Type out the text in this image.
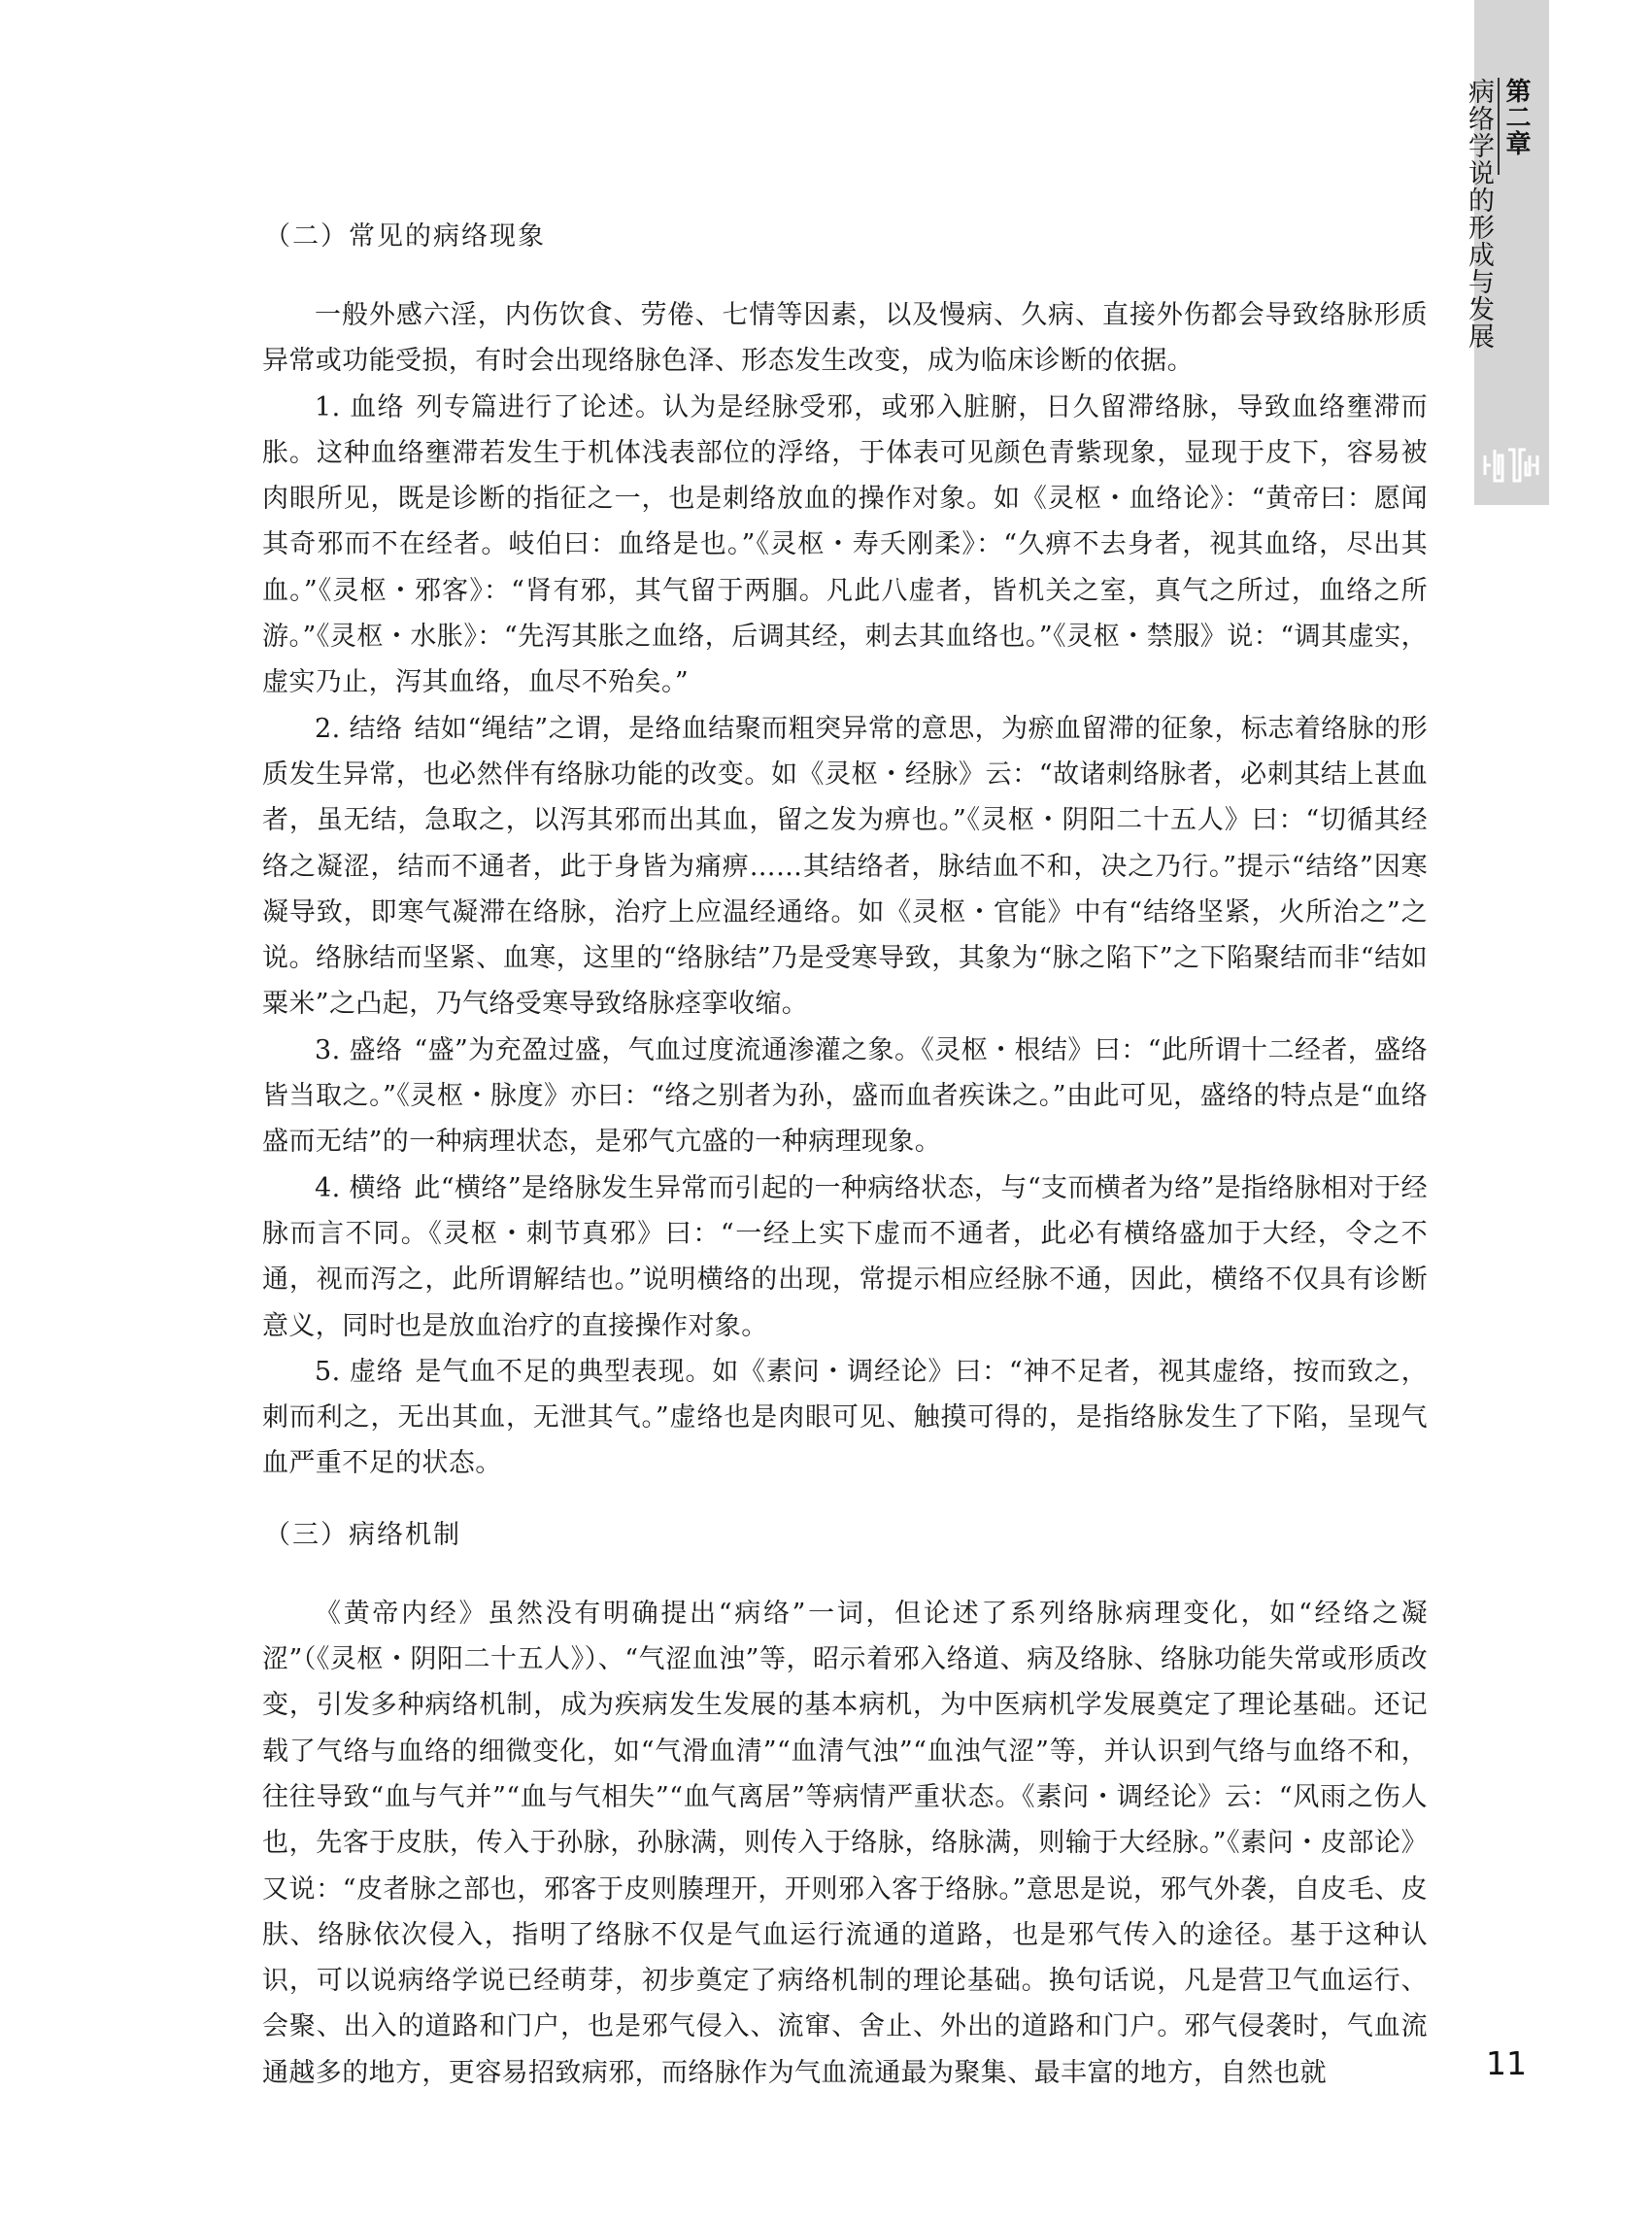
第二章
病络学说的形成与发展
（二）常见的病络现象

一般外感六淫，内伤饮食、劳倦、七情等因素，以及慢病、久病、直接外伤都会导致络脉形质异常或功能受损，有时会出现络脉色泽、形态发生改变，成为临床诊断的依据。

1. 血络 列专篇进行了论述。认为是经脉受邪，或邪入脏腑，日久留滞络脉，导致血络壅滞而胀。这种血络壅滞若发生于机体浅表部位的浮络，于体表可见颜色青紫现象，显现于皮下，容易被肉眼所见，既是诊断的指征之一，也是刺络放血的操作对象。如《灵枢・血络论》：“黄帝曰：愿闻其奇邪而不在经者。岐伯曰：血络是也。”《灵枢・寿夭刚柔》：“久痹不去身者，视其血络，尽出其血。”《灵枢・邪客》：“肾有邪，其气留于两腘。凡此八虚者，皆机关之室，真气之所过，血络之所游。”《灵枢・水胀》：“先泻其胀之血络，后调其经，刺去其血络也。”《灵枢・禁服》说：“调其虚实，虚实乃止，泻其血络，血尽不殆矣。”

2. 结络 结如“绳结”之谓，是络血结聚而粗突异常的意思，为瘀血留滞的征象，标志着络脉的形质发生异常，也必然伴有络脉功能的改变。如《灵枢・经脉》云：“故诸刺络脉者，必刺其结上甚血者，虽无结，急取之，以泻其邪而出其血，留之发为痹也。”《灵枢・阴阳二十五人》曰：“切循其经络之凝涩，结而不通者，此于身皆为痛痹……其结络者，脉结血不和，决之乃行。”提示“结络”因寒凝导致，即寒气凝滞在络脉，治疗上应温经通络。如《灵枢・官能》中有“结络坚紧，火所治之”之说。络脉结而坚紧、血寒，这里的“络脉结”乃是受寒导致，其象为“脉之陷下”之下陷聚结而非“结如粟米”之凸起，乃气络受寒导致络脉痉挛收缩。

3. 盛络 “盛”为充盈过盛，气血过度流通渗灌之象。《灵枢・根结》曰：“此所谓十二经者，盛络皆当取之。”《灵枢・脉度》亦曰：“络之别者为孙，盛而血者疾诛之。”由此可见，盛络的特点是“血络盛而无结”的一种病理状态，是邪气亢盛的一种病理现象。

4. 横络 此“横络”是络脉发生异常而引起的一种病络状态，与“支而横者为络”是指络脉相对于经脉而言不同。《灵枢・刺节真邪》曰：“一经上实下虚而不通者，此必有横络盛加于大经，令之不通，视而泻之，此所谓解结也。”说明横络的出现，常提示相应经脉不通，因此，横络不仅具有诊断意义，同时也是放血治疗的直接操作对象。

5. 虚络 是气血不足的典型表现。如《素问・调经论》曰：“神不足者，视其虚络，按而致之，刺而利之，无出其血，无泄其气。”虚络也是肉眼可见、触摸可得的，是指络脉发生了下陷，呈现气血严重不足的状态。

（三）病络机制

《黄帝内经》虽然没有明确提出“病络”一词，但论述了系列络脉病理变化，如“经络之凝涩”（《灵枢・阴阳二十五人》）、“气涩血浊”等，昭示着邪入络道、病及络脉、络脉功能失常或形质改变，引发多种病络机制，成为疾病发生发展的基本病机，为中医病机学发展奠定了理论基础。还记载了气络与血络的细微变化，如“气滑血清”“血清气浊”“血浊气涩”等，并认识到气络与血络不和，往往导致“血与气并”“血与气相失”“血气离居”等病情严重状态。《素问・调经论》云：“风雨之伤人也，先客于皮肤，传入于孙脉，孙脉满，则传入于络脉，络脉满，则输于大经脉。”《素问・皮部论》又说：“皮者脉之部也，邪客于皮则腠理开，开则邪入客于络脉。”意思是说，邪气外袭，自皮毛、皮肤、络脉依次侵入，指明了络脉不仅是气血运行流通的道路，也是邪气传入的途径。基于这种认识，可以说病络学说已经萌芽，初步奠定了病络机制的理论基础。换句话说，凡是营卫气血运行、会聚、出入的道路和门户，也是邪气侵入、流窜、舍止、外出的道路和门户。邪气侵袭时，气血流通越多的地方，更容易招致病邪，而络脉作为气血流通最为聚集、最丰富的地方，自然也就	11
